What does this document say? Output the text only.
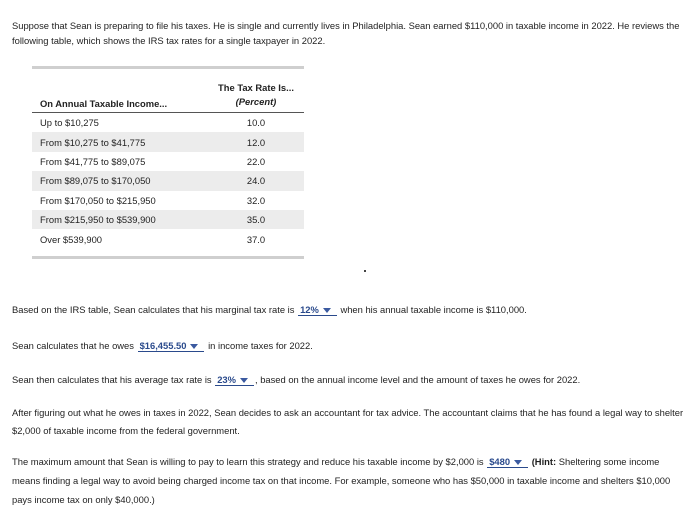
Suppose that Sean is preparing to file his taxes. He is single and currently lives in Philadelphia. Sean earned $110,000 in taxable income in 2022. He reviews the following table, which shows the IRS tax rates for a single taxpayer in 2022.
On Annual Taxable Income...	The Tax Rate Is...
(Percent)

Up to $10,275	10.0
From $10,275 to $41,775	12.0
From $41,775 to $89,075	22.0
From $89,075 to $170,050	24.0
From $170,050 to $215,950	32.0
From $215,950 to $539,900	35.0
Over $539,900	37.0
Based on the IRS table, Sean calculates that his marginal tax rate is 12% when his annual taxable income is $110,000.
Sean calculates that he owes $16,455.50 in income taxes for 2022.
Sean then calculates that his average tax rate is 23% , based on the annual income level and the amount of taxes he owes for 2022.
After figuring out what he owes in taxes in 2022, Sean decides to ask an accountant for tax advice. The accountant claims that he has found a legal way to shelter $2,000 of taxable income from the federal government.
The maximum amount that Sean is willing to pay to learn this strategy and reduce his taxable income by $2,000 is $480 (Hint: Sheltering some income means finding a legal way to avoid being charged income tax on that income. For example, someone who has $50,000 in taxable income and shelters $10,000 pays income tax on only $40,000.)
